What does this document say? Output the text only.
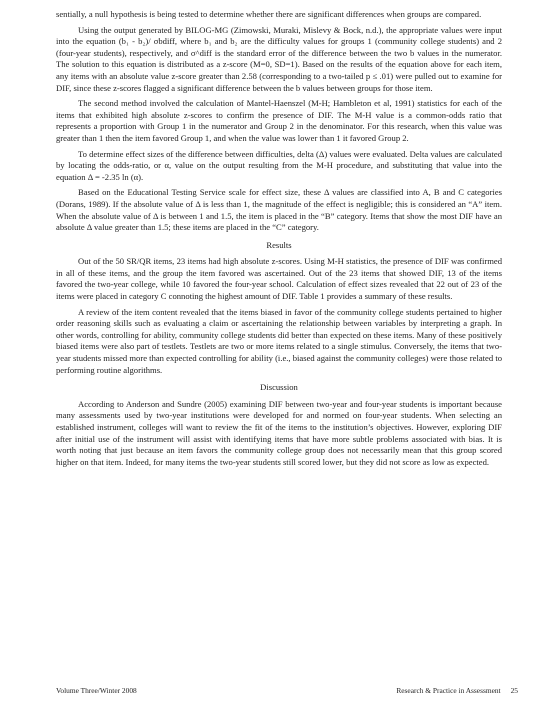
sentially, a null hypothesis is being tested to determine whether there are significant differences when groups are compared.

Using the output generated by BILOG-MG (Zimowski, Muraki, Mislevy & Bock, n.d.), the appropriate values were input into the equation (b₁ - b₂)/ σbdiff, where b₁ and b₂ are the difficulty values for groups 1 (community college students) and 2 (four-year students), respectively, and σ^diff is the standard error of the difference between the two b values in the numerator. The solution to this equation is distributed as a z-score (M=0, SD=1). Based on the results of the equation above for each item, any items with an absolute value z-score greater than 2.58 (corresponding to a two-tailed p ≤ .01) were pulled out to examine for DIF, since these z-scores flagged a significant difference between the b values between groups for those item.

The second method involved the calculation of Mantel-Haenszel (M-H; Hambleton et al, 1991) statistics for each of the items that exhibited high absolute z-scores to confirm the presence of DIF. The M-H value is a common-odds ratio that represents a proportion with Group 1 in the numerator and Group 2 in the denominator. For this research, when this value was greater than 1 then the item favored Group 1, and when the value was lower than 1 it favored Group 2.

To determine effect sizes of the difference between difficulties, delta (Δ) values were evaluated. Delta values are calculated by locating the odds-ratio, or α, value on the output resulting from the M-H procedure, and substituting that value into the equation Δ = -2.35 ln (α).

Based on the Educational Testing Service scale for effect size, these Δ values are classified into A, B and C categories (Dorans, 1989). If the absolute value of Δ is less than 1, the magnitude of the effect is negligible; this is considered an “A” item. When the absolute value of Δ is between 1 and 1.5, the item is placed in the “B” category. Items that show the most DIF have an absolute Δ value greater than 1.5; these items are placed in the “C” category.

Results

Out of the 50 SR/QR items, 23 items had high absolute z-scores. Using M-H statistics, the presence of DIF was confirmed in all of these items, and the group the item favored was ascertained. Out of the 23 items that showed DIF, 13 of the items favored the two-year college, while 10 favored the four-year school. Calculation of effect sizes revealed that 22 out of 23 of the items were placed in category C connoting the highest amount of DIF. Table 1 provides a summary of these results.

A review of the item content revealed that the items biased in favor of the community college students pertained to higher order reasoning skills such as evaluating a claim or ascertaining the relationship between variables by interpreting a graph. In other words, controlling for ability, community college students did better than expected on these items. Many of these positively biased items were also part of testlets. Testlets are two or more items related to a single stimulus. Conversely, the items that two-year students missed more than expected controlling for ability (i.e., biased against the community colleges) were those related to performing routine algorithms.

Discussion

According to Anderson and Sundre (2005) examining DIF between two-year and four-year students is important because many assessments used by two-year institutions were developed for and normed on four-year students. When selecting an established instrument, colleges will want to review the fit of the items to the institution’s objectives. However, exploring DIF after initial use of the instrument will assist with identifying items that have more subtle problems associated with bias. It is worth noting that just because an item favors the community college group does not necessarily mean that this group scored higher on that item. Indeed, for many items the two-year students still scored lower, but they did not score as low as expected.

Volume Three/Winter 2008	Research & Practice in Assessment 25
